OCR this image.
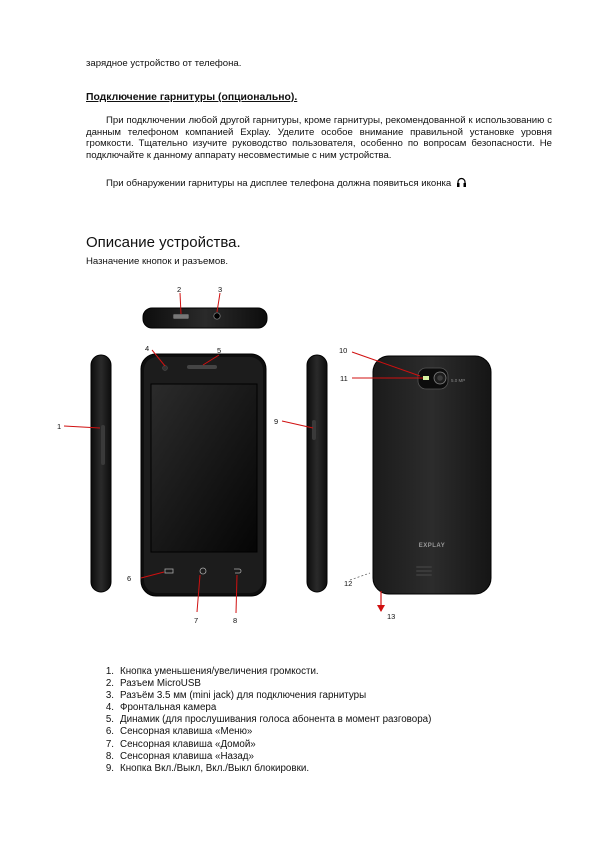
зарядное устройство от телефона.
Подключение гарнитуры (опционально).
При подключении любой другой гарнитуры, кроме гарнитуры, рекомендованной к использованию с данным телефоном компанией Explay. Уделите особое внимание правильной установке уровня громкости. Тщательно изучите руководство пользователя, особенно по вопросам безопасности. Не подключайте к данному аппарату несовместимые с ним устройства.
При обнаружении гарнитуры на дисплее телефона должна появиться иконка
Описание устройства.
Назначение кнопок и разъемов.
5.0 MP
EXPLAY
2	3
1
4	5
6
7	8
9
10
11
12
13
1. Кнопка уменьшения/увеличения громкости.
2. Разъем MicroUSB
3. Разъём 3.5 мм (mini jack) для подключения гарнитуры
4. Фронтальная камера
5. Динамик (для прослушивания голоса абонента в момент разговора)
6. Сенсорная клавиша «Меню»
7. Сенсорная клавиша «Домой»
8. Сенсорная клавиша «Назад»
9. Кнопка Вкл./Выкл, Вкл./Выкл блокировки.
